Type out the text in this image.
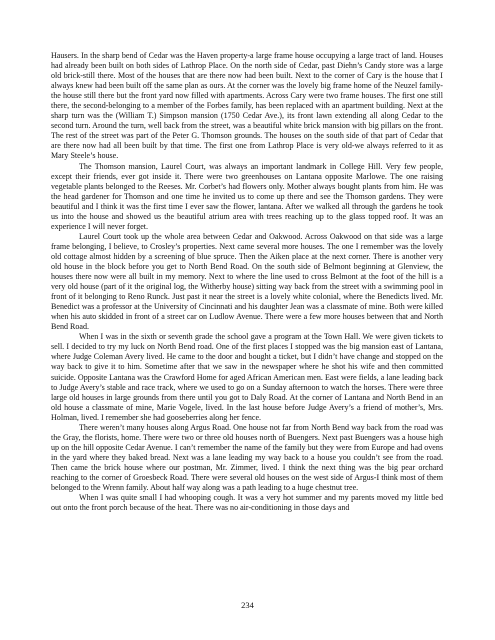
Hausers. In the sharp bend of Cedar was the Haven property-a large frame house occupying a large tract of land. Houses had already been built on both sides of Lathrop Place. On the north side of Cedar, past Diehn’s Candy store was a large old brick-still there. Most of the houses that are there now had been built. Next to the corner of Cary is the house that I always knew had been built off the same plan as ours. At the corner was the lovely big frame home of the Neuzel family-the house still there but the front yard now filled with apartments. Across Cary were two frame houses. The first one still there, the second-belonging to a member of the Forbes family, has been replaced with an apartment building. Next at the sharp turn was the (William T.) Simpson mansion (1750 Cedar Ave.), its front lawn extending all along Cedar to the second turn. Around the turn, well back from the street, was a beautiful white brick mansion with big pillars on the front. The rest of the street was part of the Peter G. Thomson grounds. The houses on the south side of that part of Cedar that are there now had all been built by that time. The first one from Lathrop Place is very old-we always referred to it as Mary Steele’s house.

The Thomson mansion, Laurel Court, was always an important landmark in College Hill. Very few people, except their friends, ever got inside it. There were two greenhouses on Lantana opposite Marlowe. The one raising vegetable plants belonged to the Reeses. Mr. Corbet’s had flowers only. Mother always bought plants from him. He was the head gardener for Thomson and one time he invited us to come up there and see the Thomson gardens. They were beautiful and I think it was the first time I ever saw the flower, lantana. After we walked all through the gardens he took us into the house and showed us the beautiful atrium area with trees reaching up to the glass topped roof. It was an experience I will never forget.

Laurel Court took up the whole area between Cedar and Oakwood. Across Oakwood on that side was a large frame belonging, I believe, to Crosley’s properties. Next came several more houses. The one I remember was the lovely old cottage almost hidden by a screening of blue spruce. Then the Aiken place at the next corner. There is another very old house in the block before you get to North Bend Road. On the south side of Belmont beginning at Glenview, the houses there now were all built in my memory. Next to where the line used to cross Belmont at the foot of the hill is a very old house (part of it the original log, the Witherby house) sitting way back from the street with a swimming pool in front of it belonging to Reno Runck. Just past it near the street is a lovely white colonial, where the Benedicts lived. Mr. Benedict was a professor at the University of Cincinnati and his daughter Jean was a classmate of mine. Both were killed when his auto skidded in front of a street car on Ludlow Avenue. There were a few more houses between that and North Bend Road.

When I was in the sixth or seventh grade the school gave a program at the Town Hall. We were given tickets to sell. I decided to try my luck on North Bend road. One of the first places I stopped was the big mansion east of Lantana, where Judge Coleman Avery lived. He came to the door and bought a ticket, but I didn’t have change and stopped on the way back to give it to him. Sometime after that we saw in the newspaper where he shot his wife and then committed suicide. Opposite Lantana was the Crawford Home for aged African American men. East were fields, a lane leading back to Judge Avery’s stable and race track, where we used to go on a Sunday afternoon to watch the horses. There were three large old houses in large grounds from there until you got to Daly Road. At the corner of Lantana and North Bend in an old house a classmate of mine, Marie Vogele, lived. In the last house before Judge Avery’s a friend of mother’s, Mrs. Holman, lived. I remember she had gooseberries along her fence.

There weren’t many houses along Argus Road. One house not far from North Bend way back from the road was the Gray, the florists, home. There were two or three old houses north of Buengers. Next past Buengers was a house high up on the hill opposite Cedar Avenue. I can’t remember the name of the family but they were from Europe and had ovens in the yard where they baked bread. Next was a lane leading my way back to a house you couldn’t see from the road. Then came the brick house where our postman, Mr. Zimmer, lived. I think the next thing was the big pear orchard reaching to the corner of Groesbeck Road. There were several old houses on the west side of Argus-I think most of them belonged to the Wrenn family. About half way along was a path leading to a huge chestnut tree.

When I was quite small I had whooping cough. It was a very hot summer and my parents moved my little bed out onto the front porch because of the heat. There was no air-conditioning in those days and

234
